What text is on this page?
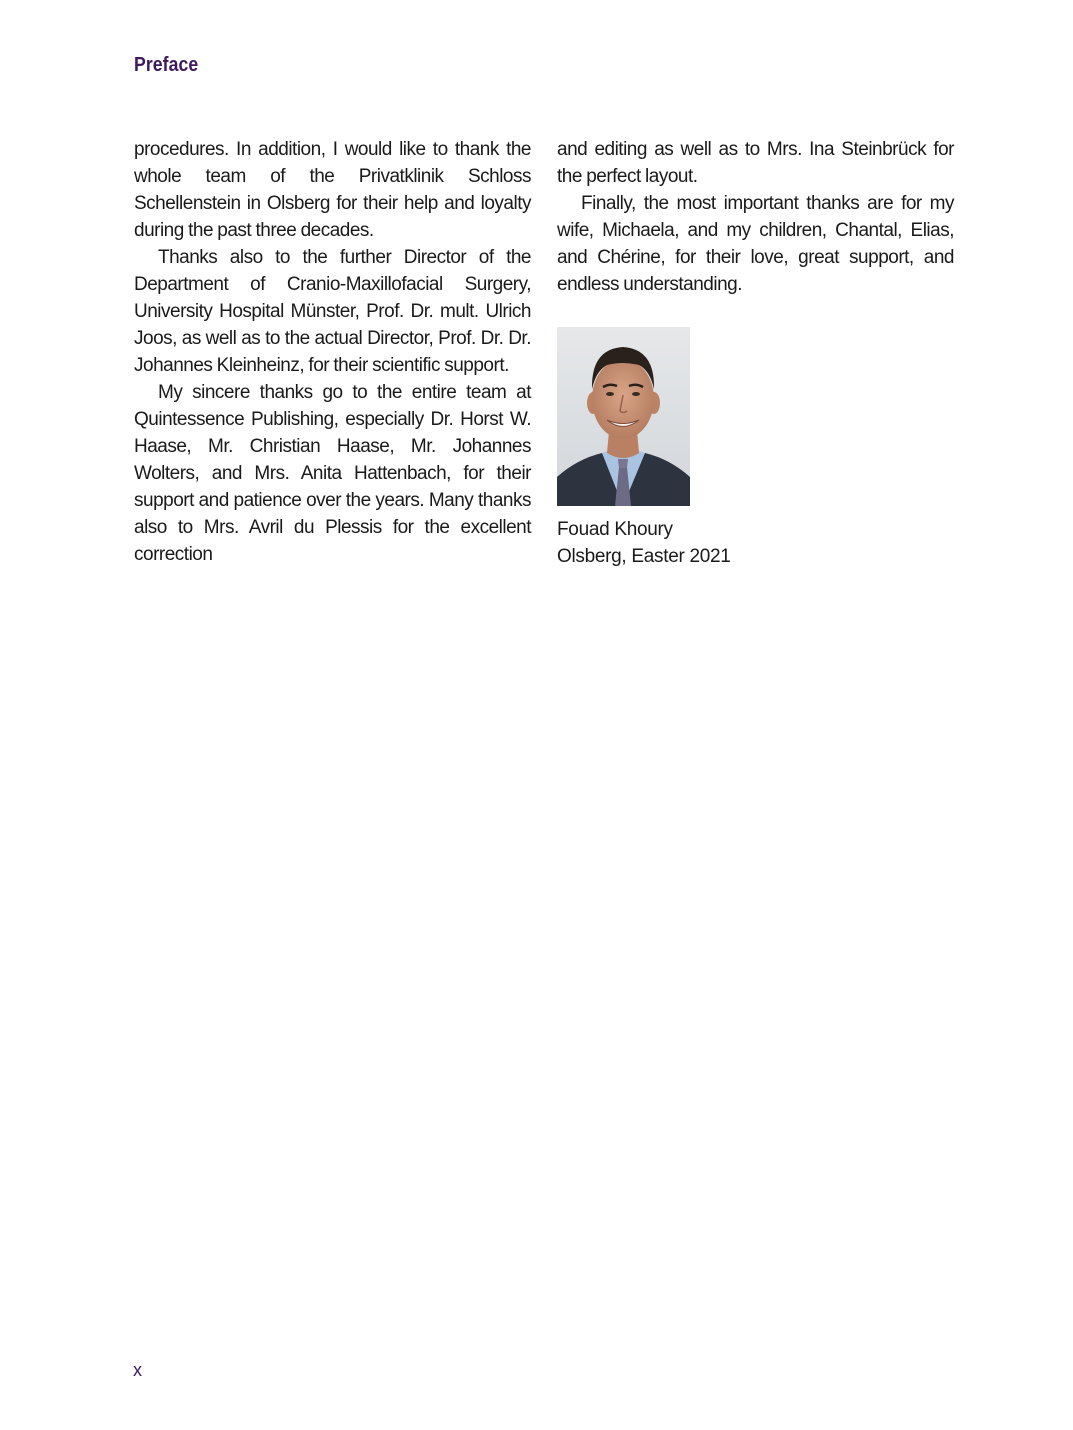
Preface

procedures. In addition, I would like to thank the whole team of the Privatklinik Schloss Schellenstein in Olsberg for their help and loyalty during the past three decades.

Thanks also to the further Director of the Department of Cranio-Maxillofacial Surgery, University Hospital Münster, Prof. Dr. mult. Ulrich Joos, as well as to the actual Director, Prof. Dr. Dr. Johannes Kleinheinz, for their scientific support.

My sincere thanks go to the entire team at Quintessence Publishing, especially Dr. Horst W. Haase, Mr. Christian Haase, Mr. Johannes Wolters, and Mrs. Anita Hattenbach, for their support and patience over the years. Many thanks also to Mrs. Avril du Plessis for the excellent correction

and editing as well as to Mrs. Ina Steinbrück for the perfect layout.

Finally, the most important thanks are for my wife, Michaela, and my children, Chantal, Elias, and Chérine, for their love, great support, and endless understanding.

Fouad Khoury
Olsberg, Easter 2021
x
